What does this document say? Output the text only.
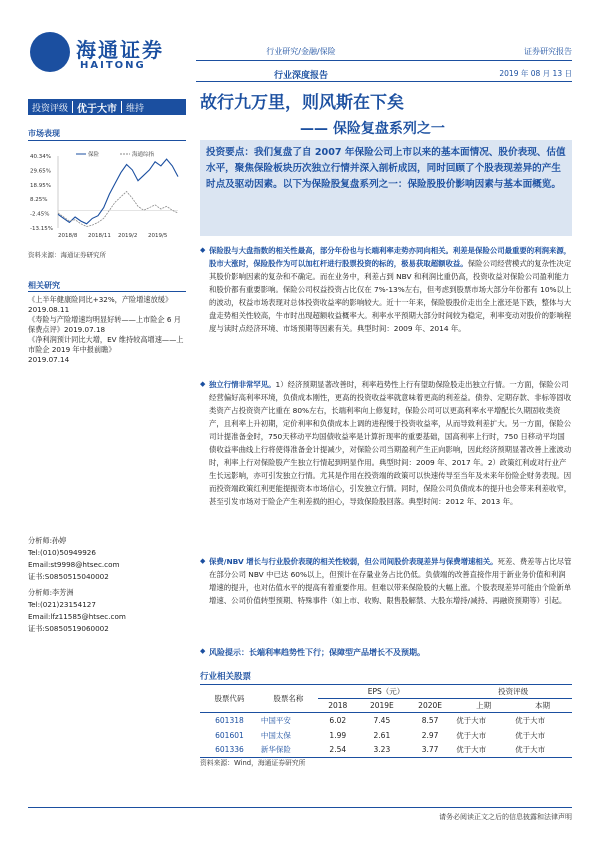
海通证券
HAITONG
行业研究/金融/保险
行业深度报告
证券研究报告
2019 年 08 月 13 日
投资评级 优于大市 维持
市场表现
40.34%
29.65%
18.95%
8.25%
-2.45%
-13.15%
2018/8 2018/11 2019/2 2019/5
保险	海通综指
资料来源：海通证券研究所
相关研究
《上半年健康险同比+32%，产险增速放缓》2019.08.11
《寿险与产险增速均明显好转——上市险企 6 月保费点评》2019.07.18
《净利润预计同比大增，EV 维持较高增速——上市险企 2019 年中报前瞻》
2019.07.14
分析师:孙婷
Tel:(010)50949926
Email:st9998@htsec.com
证书:S0850515040002
分析师:李芳洲
Tel:(021)23154127
Email:lfz11585@htsec.com
证书:S0850519060002
故行九万里，则风斯在下矣
—— 保险复盘系列之一
投资要点：我们复盘了自 2007 年保险公司上市以来的基本面情况、股价表现、估值水平，聚焦保险板块历次独立行情并深入剖析成因，同时回顾了个股表现差异的产生时点及驱动因素。以下为保险股复盘系列之一：保险股股价影响因素与基本面概览。
◆ 保险股与大盘指数的相关性最高，部分年份也与长端利率走势亦同向相关。利差是保险公司最重要的利润来源，股市大涨时，保险股作为可以加杠杆进行股票投资的标的，极易获取超额收益。保险公司经营模式的复杂性决定其股价影响因素的复杂和不确定。而在业务中，利差占到 NBV 和利润比重仍高，投资收益对保险公司盈利能力和股价都有重要影响。保险公司权益投资占比仅在 7%-13%左右，但考虑到股票市场大部分年份都有 10%以上的波动，权益市场表现对总体投资收益率的影响较大。近十一年来，保险股股价走出全上涨还是下跌，整体与大盘走势相关性较高，牛市时出现超额收益概率大。利率水平预期大部分时间较为稳定，利率变动对股价的影响程度与读时点经济环境、市场预期等因素有关。典型时间：2009 年、2014 年。
◆ 独立行情非常罕见。1）经济预期显著改善时，利率趋势性上行有望助保险股走出独立行情。一方面，保险公司经营偏好高利率环境，负债成本刚性，更高的投资收益率就意味着更高的利差益。债券、定期存款、非标等固收类资产占投资资产比重在 80%左右，长端利率向上修复时，保险公司可以更高利率水平增配长久期固收类资产，且利率上升初期，定价利率和负债成本上调的进程慢于投资收益率，从而导致利差扩大。另一方面，保险公司计提准备金时，750天移动平均国债收益率是计算折现率的重要基础，国高利率上行时，750 日移动平均国债收益率曲线上行将使得准备金计提减少，对保险公司当期盈利产生正向影响，因此经济预期显著改善上涨波动时，利率上行对保险股产生独立行情起到明显作用。典型时间：2009 年、2017 年。2）政策红利或对行业产生长远影响，亦可引发独立行情。尤其是作用在投资端的政策可以快速传导至当年及未来年份险企财务表现。因而投资端政策红利更能提振资本市场信心，引发独立行情。同时，保险公司负债成本的提升也会带来利差收窄，甚至引发市场对于险企产生利差损的担心，导致保险股回落。典型时间：2012 年、2013 年。
◆ 保费/NBV 增长与行业股价表现的相关性较弱，但公司间股价表现差异与保费增速相关。死差、费差等占比尽管在部分公司 NBV 中已达 60%以上，但预计在存量业务占比仍低。负债端的改善直接作用于新业务价值和利润增速的提升，也对估值水平的提高有着重要作用。但难以带来保险股的大幅上涨。个股表现差异可能由个险新单增速、公司价值转型预期、特殊事件（如上市、收购、限售股解禁、大股东增持/减持、再融资预期等）引起。
◆ 风险提示：长端利率趋势性下行；保障型产品增长不及预期。
行业相关股票
股票代码	股票名称	EPS（元）			投资评级	
		2018	2019E	2020E	上期	本期
601318	中国平安	6.02	7.45	8.57	优于大市	优于大市
601601	中国太保	1.99	2.61	2.97	优于大市	优于大市
601336	新华保险	2.54	3.23	3.77	优于大市	优于大市
资料来源：Wind，海通证券研究所
请务必阅读正文之后的信息披露和法律声明
